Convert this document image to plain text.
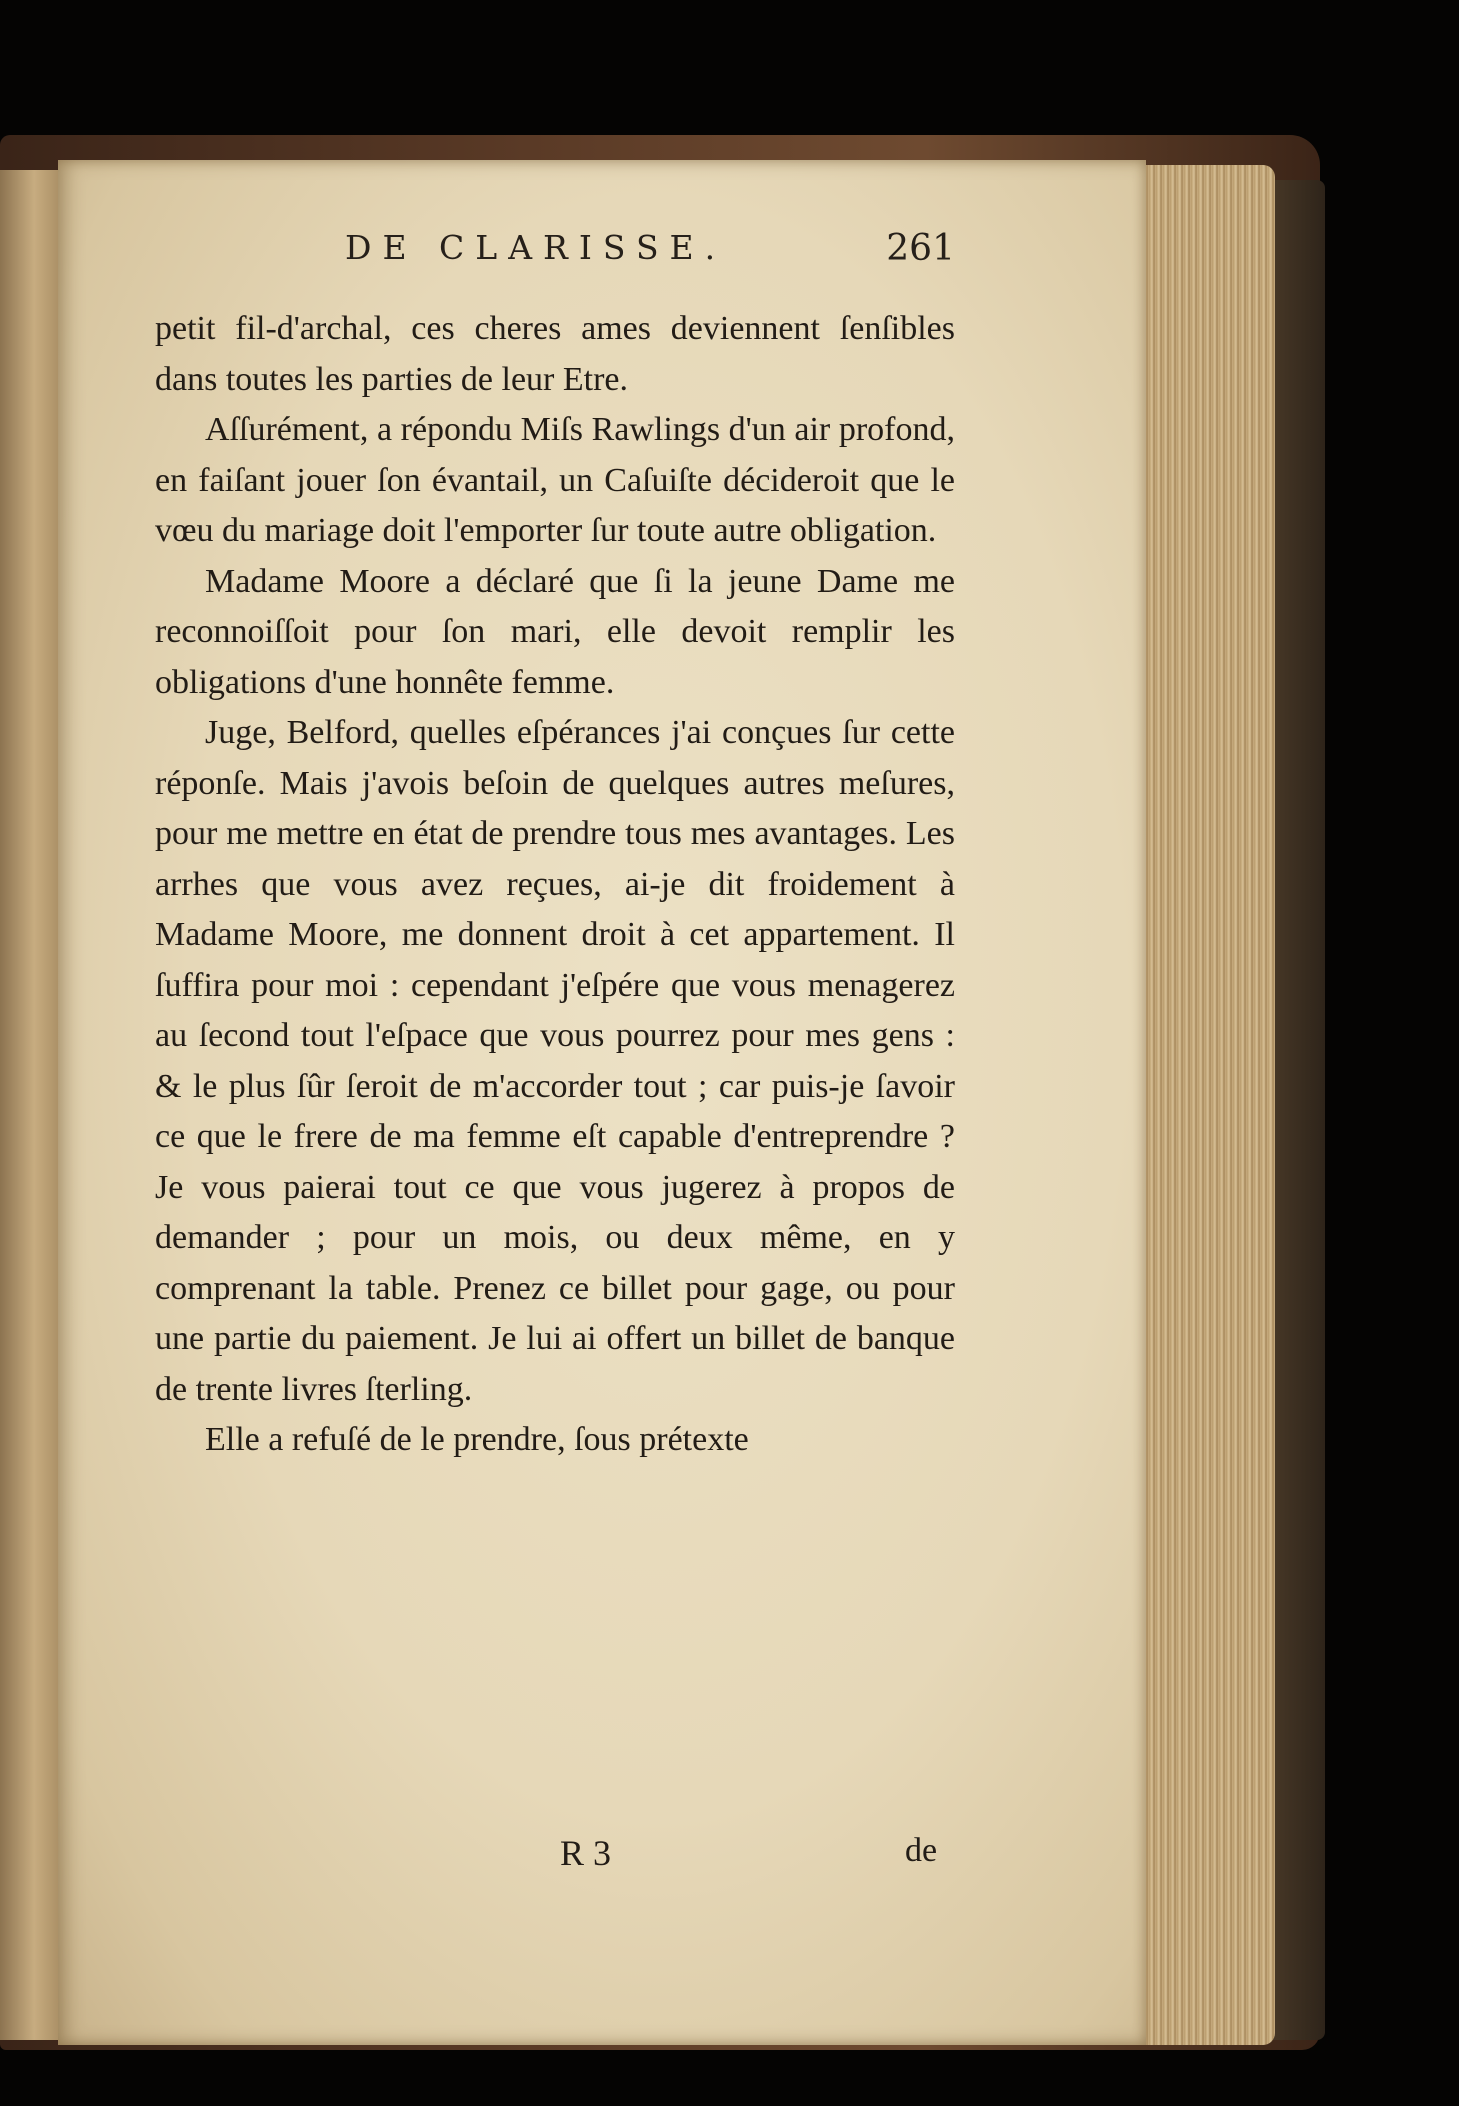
DE CLARISSE.	261

petit fil-d'archal, ces cheres ames deviennent ſenſibles dans toutes les parties de leur Etre.

Aſſurément, a répondu Miſs Rawlings d'un air profond, en faiſant jouer ſon évantail, un Caſuiſte décideroit que le vœu du mariage doit l'emporter ſur toute autre obligation.

Madame Moore a déclaré que ſi la jeune Dame me reconnoiſſoit pour ſon mari, elle devoit remplir les obligations d'une honnête femme.

Juge, Belford, quelles eſpérances j'ai conçues ſur cette réponſe. Mais j'avois beſoin de quelques autres meſures, pour me mettre en état de prendre tous mes avantages. Les arrhes que vous avez reçues, ai-je dit froidement à Madame Moore, me donnent droit à cet appartement. Il ſuffira pour moi : cependant j'eſpére que vous menagerez au ſecond tout l'eſpace que vous pourrez pour mes gens : & le plus ſûr ſeroit de m'accorder tout ; car puis-je ſavoir ce que le frere de ma femme eſt capable d'entreprendre ? Je vous paierai tout ce que vous jugerez à propos de demander ; pour un mois, ou deux même, en y comprenant la table. Prenez ce billet pour gage, ou pour une partie du paiement. Je lui ai offert un billet de banque de trente livres ſterling.

Elle a refuſé de le prendre, ſous prétexte

R 3	de
